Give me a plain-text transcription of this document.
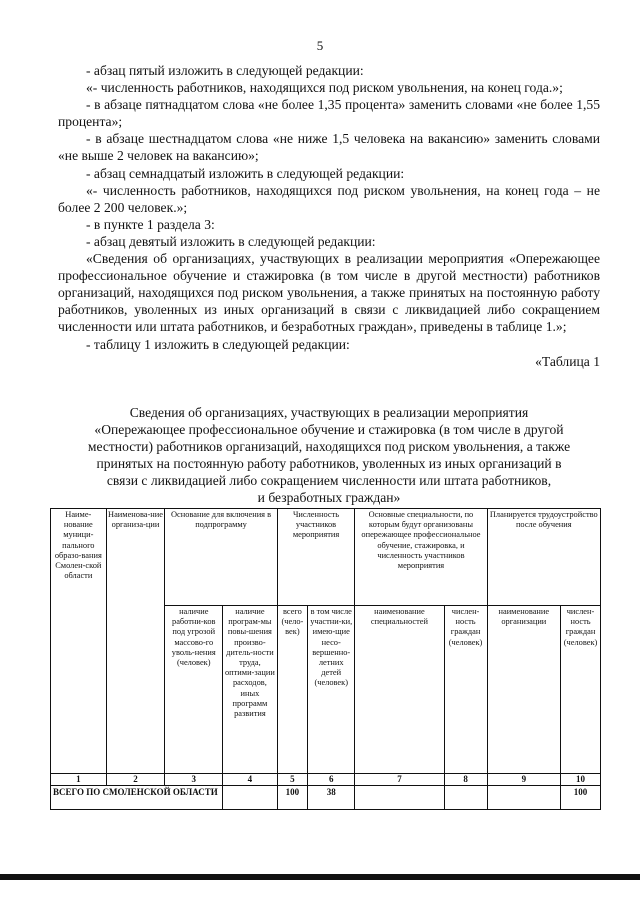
5

- абзац пятый изложить в следующей редакции:

«- численность работников, находящихся под риском увольнения, на конец года.»;

- в абзаце пятнадцатом слова «не более 1,35 процента» заменить словами «не более 1,55 процента»;

- в абзаце шестнадцатом слова «не ниже 1,5 человека на вакансию» заменить словами «не выше 2 человек на вакансию»;

- абзац семнадцатый изложить в следующей редакции:

«- численность работников, находящихся под риском увольнения, на конец года – не более 2 200 человек.»;

- в пункте 1 раздела 3:

- абзац девятый изложить в следующей редакции:

«Сведения об организациях, участвующих в реализации мероприятия «Опережающее профессиональное обучение и стажировка (в том числе в другой местности) работников организаций, находящихся под риском увольнения, а также принятых на постоянную работу работников, уволенных из иных организаций в связи с ликвидацией либо сокращением численности или штата работников, и безработных граждан», приведены в таблице 1.»;

- таблицу 1 изложить в следующей редакции:

«Таблица 1

Сведения об организациях, участвующих в реализации мероприятия

«Опережающее профессиональное обучение и стажировка (в том числе в другой

местности) работников организаций, находящихся под риском увольнения, а также

принятых на постоянную работу работников, уволенных из иных организаций в

связи с ликвидацией либо сокращением численности или штата работников,

и безработных граждан»

Наиме-нование муници-пального образо-вания Смолен-ской области	Наименова-ние организа-ции	Основание для включения в подпрограмму		Численность участников мероприятия		Основные специальности, по которым будут организованы опережающее профессиональное обучение, стажировка, и численность участников мероприятия		Планируется трудоустройство после обучения	
		наличие работни-ков под угрозой массово-го уволь-нения (человек)	наличие програм-мы повы-шения произво-дитель-ности труда, оптими-зации расходов, иных программ развития	всего (чело-век)	в том числе участни-ки, имею-щие несо-вершенно-летних детей (человек)	наименование специальностей	числен-ность граждан (человек)	наименование организации	числен-ность граждан (человек)
1	2	3	4	5	6	7	8	9	10
ВСЕГО ПО СМОЛЕНСКОЙ ОБЛАСТИ				100	38				100
